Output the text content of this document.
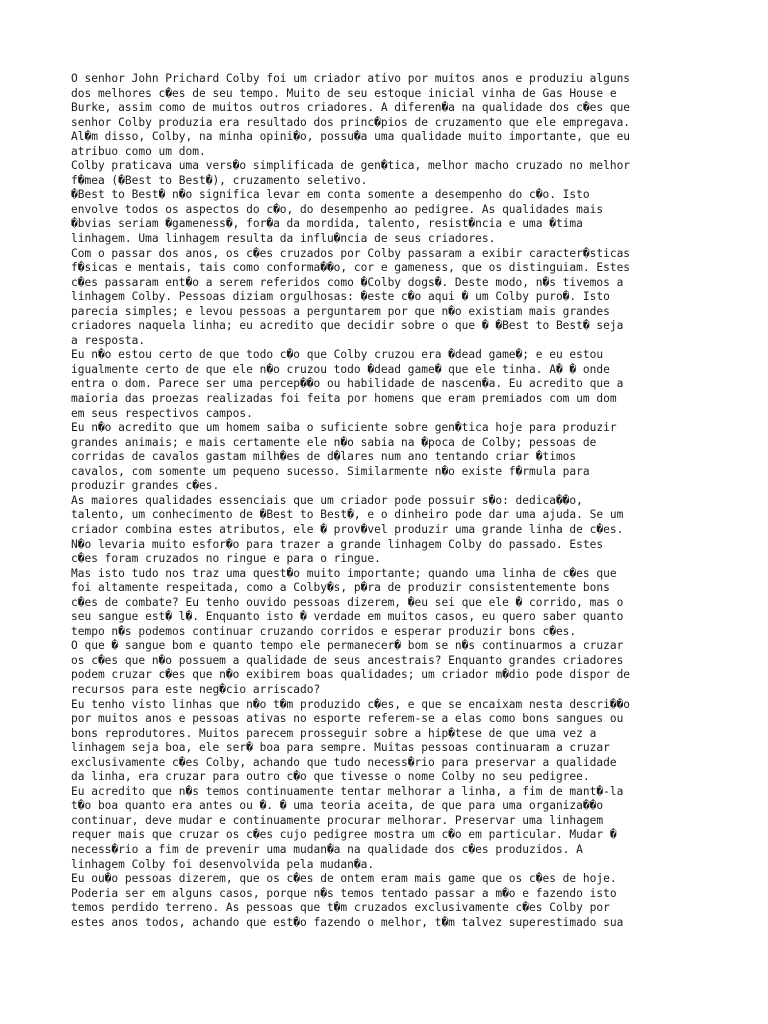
O senhor John Prichard Colby foi um criador ativo por muitos anos e produziu alguns
dos melhores c�es de seu tempo. Muito de seu estoque inicial vinha de Gas House e
Burke, assim como de muitos outros criadores. A diferen�a na qualidade dos c�es que
senhor Colby produzia era resultado dos princ�pios de cruzamento que ele empregava.
Al�m disso, Colby, na minha opini�o, possu�a uma qualidade muito importante, que eu
atribuo como um dom.
Colby praticava uma vers�o simplificada de gen�tica, melhor macho cruzado no melhor
f�mea (�Best to Best�), cruzamento seletivo.
�Best to Best� n�o significa levar em conta somente a desempenho do c�o. Isto
envolve todos os aspectos do c�o, do desempenho ao pedigree. As qualidades mais
�bvias seriam �gameness�, for�a da mordida, talento, resist�ncia e uma �tima
linhagem. Uma linhagem resulta da influ�ncia de seus criadores.
Com o passar dos anos, os c�es cruzados por Colby passaram a exibir caracter�sticas
f�sicas e mentais, tais como conforma��o, cor e gameness, que os distinguiam. Estes
c�es passaram ent�o a serem referidos como �Colby dogs�. Deste modo, n�s tivemos a
linhagem Colby. Pessoas diziam orgulhosas: �este c�o aqui � um Colby puro�. Isto
parecia simples; e levou pessoas a perguntarem por que n�o existiam mais grandes
criadores naquela linha; eu acredito que decidir sobre o que � �Best to Best� seja
a resposta.
Eu n�o estou certo de que todo c�o que Colby cruzou era �dead game�; e eu estou
igualmente certo de que ele n�o cruzou todo �dead game� que ele tinha. A� � onde
entra o dom. Parece ser uma percep��o ou habilidade de nascen�a. Eu acredito que a
maioria das proezas realizadas foi feita por homens que eram premiados com um dom
em seus respectivos campos.
Eu n�o acredito que um homem saiba o suficiente sobre gen�tica hoje para produzir
grandes animais; e mais certamente ele n�o sabia na �poca de Colby; pessoas de
corridas de cavalos gastam milh�es de d�lares num ano tentando criar �timos
cavalos, com somente um pequeno sucesso. Similarmente n�o existe f�rmula para
produzir grandes c�es.
As maiores qualidades essenciais que um criador pode possuir s�o: dedica��o,
talento, um conhecimento de �Best to Best�, e o dinheiro pode dar uma ajuda. Se um
criador combina estes atributos, ele � prov�vel produzir uma grande linha de c�es.
N�o levaria muito esfor�o para trazer a grande linhagem Colby do passado. Estes
c�es foram cruzados no ringue e para o ringue.
Mas isto tudo nos traz uma quest�o muito importante; quando uma linha de c�es que
foi altamente respeitada, como a Colby�s, p�ra de produzir consistentemente bons
c�es de combate? Eu tenho ouvido pessoas dizerem, �eu sei que ele � corrido, mas o
seu sangue est� l�. Enquanto isto � verdade em muitos casos, eu quero saber quanto
tempo n�s podemos continuar cruzando corridos e esperar produzir bons c�es.
O que � sangue bom e quanto tempo ele permanecer� bom se n�s continuarmos a cruzar
os c�es que n�o possuem a qualidade de seus ancestrais? Enquanto grandes criadores
podem cruzar c�es que n�o exibirem boas qualidades; um criador m�dio pode dispor de
recursos para este neg�cio arriscado?
Eu tenho visto linhas que n�o t�m produzido c�es, e que se encaixam nesta descri��o
por muitos anos e pessoas ativas no esporte referem-se a elas como bons sangues ou
bons reprodutores. Muitos parecem prosseguir sobre a hip�tese de que uma vez a
linhagem seja boa, ele ser� boa para sempre. Muitas pessoas continuaram a cruzar
exclusivamente c�es Colby, achando que tudo necess�rio para preservar a qualidade
da linha, era cruzar para outro c�o que tivesse o nome Colby no seu pedigree.
Eu acredito que n�s temos continuamente tentar melhorar a linha, a fim de mant�-la
t�o boa quanto era antes ou �. � uma teoria aceita, de que para uma organiza��o
continuar, deve mudar e continuamente procurar melhorar. Preservar uma linhagem
requer mais que cruzar os c�es cujo pedigree mostra um c�o em particular. Mudar �
necess�rio a fim de prevenir uma mudan�a na qualidade dos c�es produzidos. A
linhagem Colby foi desenvolvida pela mudan�a.
Eu ou�o pessoas dizerem, que os c�es de ontem eram mais game que os c�es de hoje.
Poderia ser em alguns casos, porque n�s temos tentado passar a m�o e fazendo isto
temos perdido terreno. As pessoas que t�m cruzados exclusivamente c�es Colby por
estes anos todos, achando que est�o fazendo o melhor, t�m talvez superestimado sua
